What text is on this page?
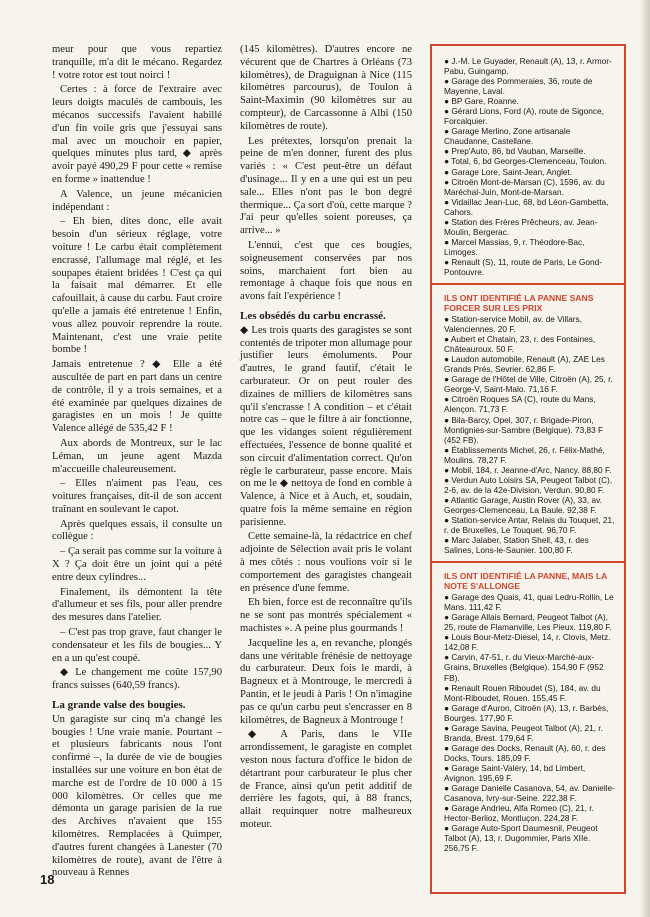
meur pour que vous repartiez tranquille, m'a dit le mécano. Regardez ! votre rotor est tout noirci !

Certes : à force de l'extraire avec leurs doigts maculés de cambouis, les mécanos successifs l'avaient habillé d'un fin voile gris que j'essuyai sans mal avec un mouchoir en papier, quelques minutes plus tard, ◆ après avoir payé 490,29 F pour cette « remise en forme » inattendue !

A Valence, un jeune mécanicien indépendant :

– Eh bien, dites donc, elle avait besoin d'un sérieux réglage, votre voiture ! Le carbu était complètement encrassé, l'allumage mal réglé, et les soupapes étaient bridées ! C'est ça qui la faisait mal démarrer. Et elle cafouillait, à cause du carbu. Faut croire qu'elle a jamais été entretenue ! Enfin, vous allez pouvoir reprendre la route. Maintenant, c'est une vraie petite bombe !

Jamais entretenue ? ◆ Elle a été auscultée de part en part dans un centre de contrôle, il y a trois semaines, et a été examinée par quelques dizaines de garagistes en un mois ! Je quitte Valence allégé de 535,42 F !

Aux abords de Montreux, sur le lac Léman, un jeune agent Mazda m'accueille chaleureusement.

– Elles n'aiment pas l'eau, ces voitures françaises, dit-il de son accent traînant en soulevant le capot.

Après quelques essais, il consulte un collègue :

– Ça serait pas comme sur la voiture à X ? Ça doit être un joint qui a pété entre deux cylindres...

Finalement, ils démontent la tête d'allumeur et ses fils, pour aller prendre des mesures dans l'atelier.

– C'est pas trop grave, faut changer le condensateur et les fils de bougies... Y en a un qu'est coupé.

◆ Le changement me coûte 157,90 francs suisses (640,59 francs).

La grande valse des bougies.

Un garagiste sur cinq m'a changé les bougies ! Une vraie manie. Pourtant – et plusieurs fabricants nous l'ont confirmé –, la durée de vie de bougies installées sur une voiture en bon état de marche est de l'ordre de 10 000 à 15 000 kilomètres. Or celles que me démonta un garage parisien de la rue des Archives n'avaient que 155 kilomètres. Remplacées à Quimper, d'autres furent changées à Lanester (70 kilomètres de route), avant de l'être à nouveau à Rennes

(145 kilomètres). D'autres encore ne vécurent que de Chartres à Orléans (73 kilomètres), de Draguignan à Nice (115 kilomètres parcourus), de Toulon à Saint-Maximin (90 kilomètres sur au compteur), de Carcassonne à Albi (150 kilomètres de route).

Les prétextes, lorsqu'on prenait la peine de m'en donner, furent des plus variés : « C'est peut-être un défaut d'usinage... Il y en a une qui est un peu sale... Elles n'ont pas le bon degré thermique... Ça sort d'où, cette marque ? J'ai peur qu'elles soient poreuses, ça arrive... »

L'ennui, c'est que ces bougies, soigneusement conservées par nos soins, marchaient fort bien au remontage à chaque fois que nous en avons fait l'expérience !

Les obsédés du carbu encrassé.

◆ Les trois quarts des garagistes se sont contentés de tripoter mon allumage pour justifier leurs émoluments. Pour d'autres, le grand fautif, c'était le carburateur. Or on peut rouler des dizaines de milliers de kilomètres sans qu'il s'encrasse ! A condition – et c'était notre cas – que le filtre à air fonctionne, que les vidanges soient régulièrement effectuées, l'essence de bonne qualité et son circuit d'alimentation correct. Qu'on règle le carburateur, passe encore. Mais on me le ◆ nettoya de fond en comble à Valence, à Nice et à Auch, et, soudain, quatre fois la même semaine en région parisienne.

Cette semaine-là, la rédactrice en chef adjointe de Sélection avait pris le volant à mes côtés : nous voulions voir si le comportement des garagistes changeait en présence d'une femme.

Eh bien, force est de reconnaître qu'ils ne se sont pas montrés spécialement « machistes ». A peine plus gourmands !

Jacqueline les a, en revanche, plongés dans une véritable frénésie de nettoyage du carburateur. Deux fois le mardi, à Bagneux et à Montrouge, le mercredi à Pantin, et le jeudi à Paris ! On n'imagine pas ce qu'un carbu peut s'encrasser en 8 kilomètres, de Bagneux à Montrouge !

◆ A Paris, dans le VIIe arrondissement, le garagiste en complet veston nous factura d'office le bidon de détartrant pour carburateur le plus cher de France, ainsi qu'un petit additif de derrière les fagots, qui, à 88 francs, allait requinquer notre malheureux moteur.

● J.-M. Le Guyader, Renault (A), 13, r. Armor-Pabu, Guingamp.
● Garage des Pommeraies, 36, route de Mayenne, Laval.
● BP Gare, Roanne.
● Gérard Lions, Ford (A), route de Sigonce, Forcalquier.
● Garage Merlino, Zone artisanale Chaudanne, Castellane.
● Prep'Auto, 86, bd Vauban, Marseille.
● Total, 6, bd Georges-Clemenceau, Toulon.
● Garage Lore, Saint-Jean, Anglet.
● Citroën Mont-de-Marsan (C), 1596, av. du Maréchal-Juin, Mont-de-Marsan.
● Vidaillac Jean-Luc, 68, bd Léon-Gambetta, Cahors.
● Station des Frères Prêcheurs, av. Jean-Moulin, Bergerac.
● Marcel Massias, 9, r. Théodore-Bac, Limoges.
● Renault (S), 11, route de Paris, Le Gond-Pontouvre.
ILS ONT IDENTIFIÉ LA PANNE SANS FORCER SUR LES PRIX
● Station-service Mobil, av. de Villars, Valenciennes. 20 F.
● Aubert et Chatain, 23, r. des Fontaines, Châteauroux. 50 F.
● Laudon automobile, Renault (A), ZAE Les Grands Prés, Sevrier. 62,86 F.
● Garage de l'Hôtel de Ville, Citroën (A), 25, r. George-V, Saint-Malo. 71,16 F.
● Citroën Roques SA (C), route du Mans, Alençon. 71,73 F.
● Bila-Barcy, Opel, 307, r. Brigade-Piron, Montignies-sur-Sambre (Belgique). 73,83 F (452 FB).
● Établissements Michel, 26, r. Félix-Mathé, Moulins. 78,27 F.
● Mobil, 184, r. Jeanne-d'Arc, Nancy. 88,80 F.
● Verdun Auto Loisirs SA, Peugeot Talbot (C), 2-6, av. de la 42e-Division, Verdun. 90,80 F.
● Atlantic Garage, Austin Rover (A), 33, av. Georges-Clemenceau, La Baule. 92,38 F.
● Station-service Antar, Relais du Touquet, 21, r. de Bruxelles, Le Touquet. 96,70 F.
● Marc Jalaber, Station Shell, 43, r. des Salines, Lons-le-Saunier. 100,80 F.
ILS ONT IDENTIFIÉ LA PANNE, MAIS LA NOTE S'ALLONGE
● Garage des Quais, 41, quai Ledru-Rollin, Le Mans. 111,42 F.
● Garage Allais Bernard, Peugeot Talbot (A), 25, route de Flamanville, Les Pieux. 119,80 F.
● Louis Bour-Metz-Diesel, 14, r. Clovis, Metz. 142,08 F.
● Carvin, 47-51, r. du Vieux-Marché-aux-Grains, Bruxelles (Belgique). 154,90 F (952 FB).
● Renault Rouen Riboudet (S), 184, av. du Mont-Riboudet, Rouen. 155,45 F.
● Garage d'Auron, Citroën (A), 13, r. Barbès, Bourges. 177,90 F.
● Garage Savina, Peugeot Talbot (A), 21, r. Branda, Brest. 179,64 F.
● Garage des Docks, Renault (A), 60, r. des Docks, Tours. 185,09 F.
● Garage Saint-Valéry, 14, bd Limbert, Avignon. 195,69 F.
● Garage Danielle Casanova, 54, av. Danielle-Casanova, Ivry-sur-Seine. 222,38 F.
● Garage Andrieu, Alfa Romeo (C), 21, r. Hector-Berlioz, Montluçon. 224,28 F.
● Garage Auto-Sport Daumesnil, Peugeot Talbot (A), 13, r. Dugommier, Paris XIIe. 256,75 F.
18
